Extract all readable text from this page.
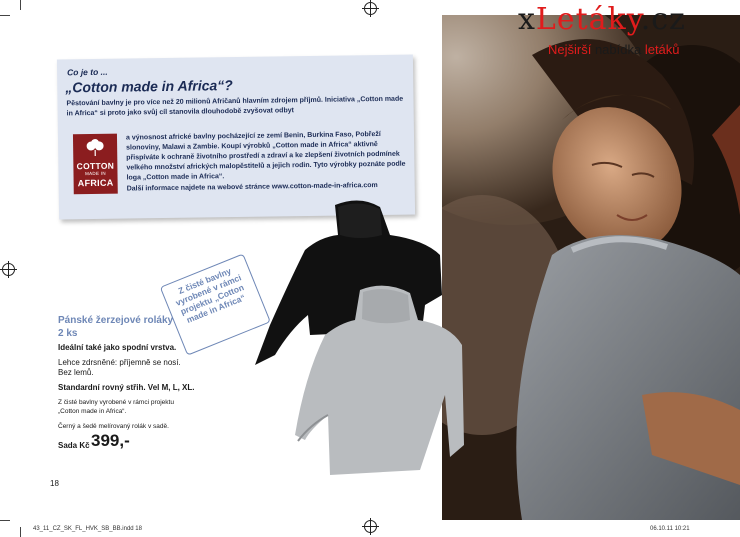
xLetáky.cz
Nejširší nabídka letáků
Co je to ...
„Cotton made in Africa“?

Pěstování bavlny je pro více než 20 milionů Afričanů hlavním zdrojem příjmů. Iniciativa „Cotton made in Africa“ si proto jako svůj cíl stanovila dlouhodobě zvyšovat odbyt

COTTON
MADE IN
AFRICA

a výnosnost africké bavlny pocházející ze zemí Benin, Burkina Faso, Pobřeží slonoviny, Malawi a Zambie. Koupí výrobků „Cotton made in Africa“ aktivně přispíváte k ochraně životního prostředí a zdraví a ke zlepšení životních podmínek velkého množství afrických malopěstitelů a jejich rodin. Tyto výrobky poznáte podle loga „Cotton made in Africa“.

Další informace najdete na webové stránce www.cotton-made-in-africa.com
Z čisté bavlny vyrobené v rámci projektu „Cotton made in Africa“
Pánské žerzejové roláky
2 ks
Ideální také jako spodní vrstva.
Lehce zdrsněné: příjemně se nosí.
Bez lemů.
Standardní rovný střih. Vel M, L, XL.
Z čisté bavlny vyrobené v rámci projektu
„Cotton made in Africa“.
Černý a šedě melírovaný rolák v sadě.
Sada Kč 399,-
18
43_11_CZ_SK_FL_HVK_SB_BB.indd 18	06.10.11 10:21
